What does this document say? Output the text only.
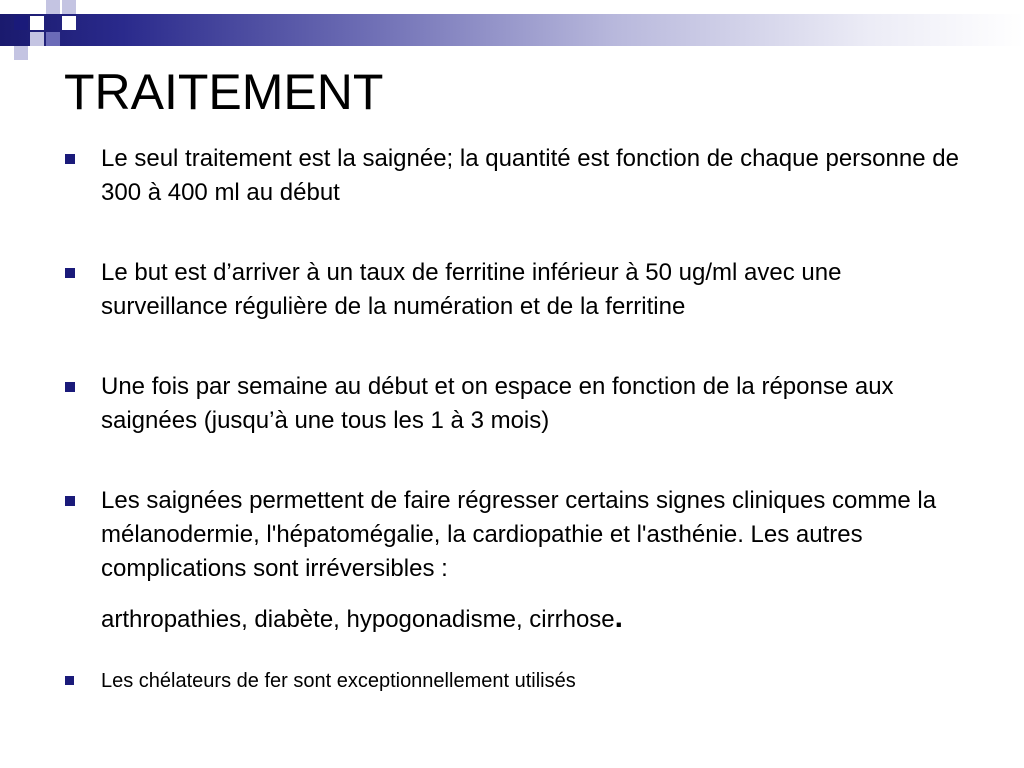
TRAITEMENT
Le seul traitement est la saignée; la quantité est fonction de chaque personne de 300 à 400 ml au début
Le but est d’arriver à un taux de ferritine inférieur à 50 ug/ml avec une surveillance régulière de la numération et de la ferritine
Une fois par semaine au début et on espace en fonction de la réponse aux saignées (jusqu’à une tous les 1 à 3 mois)
Les saignées permettent de faire régresser certains signes cliniques comme la mélanodermie, l'hépatomégalie, la cardiopathie et l'asthénie. Les autres complications sont irréversibles :
arthropathies, diabète, hypogonadisme, cirrhose.
Les chélateurs de fer sont exceptionnellement utilisés
